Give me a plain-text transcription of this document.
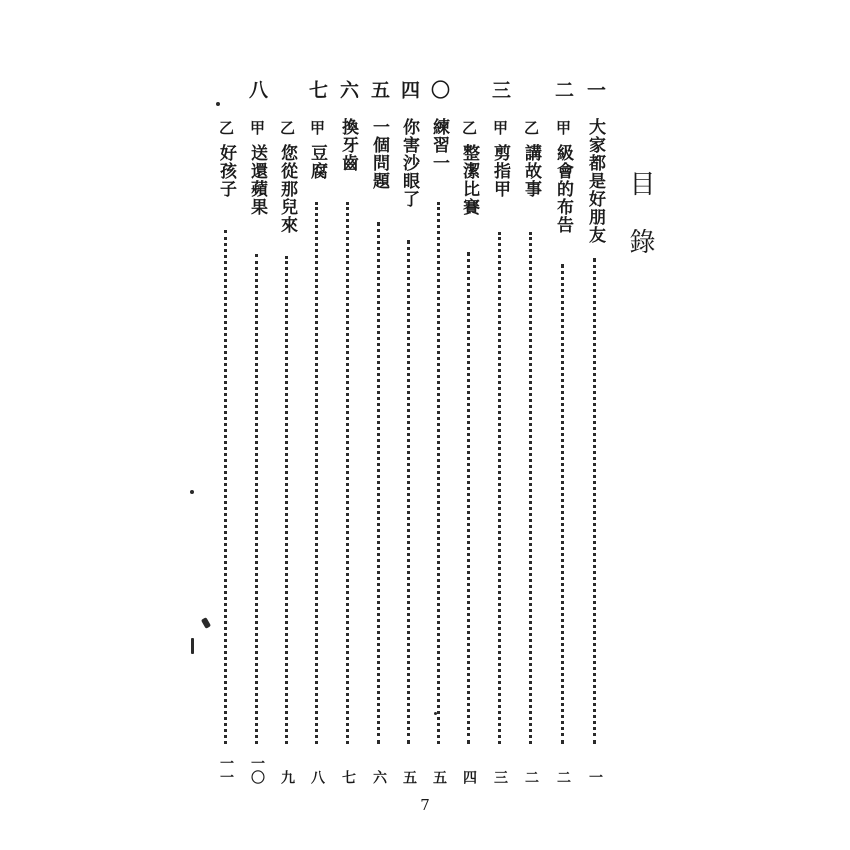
目錄
一
大家都是好朋友
一
二
甲
級會的布告
二
乙
講故事
二
三
甲
剪指甲
三
乙
整潔比賽
四
〇
練習一
五
四
你害沙眼了
五
五
一個問題
六
六
換牙齒
七
七
甲
豆腐
八
乙
您從那兒來
九
八
甲
送還蘋果
一〇
乙
好孩子
一一
7
